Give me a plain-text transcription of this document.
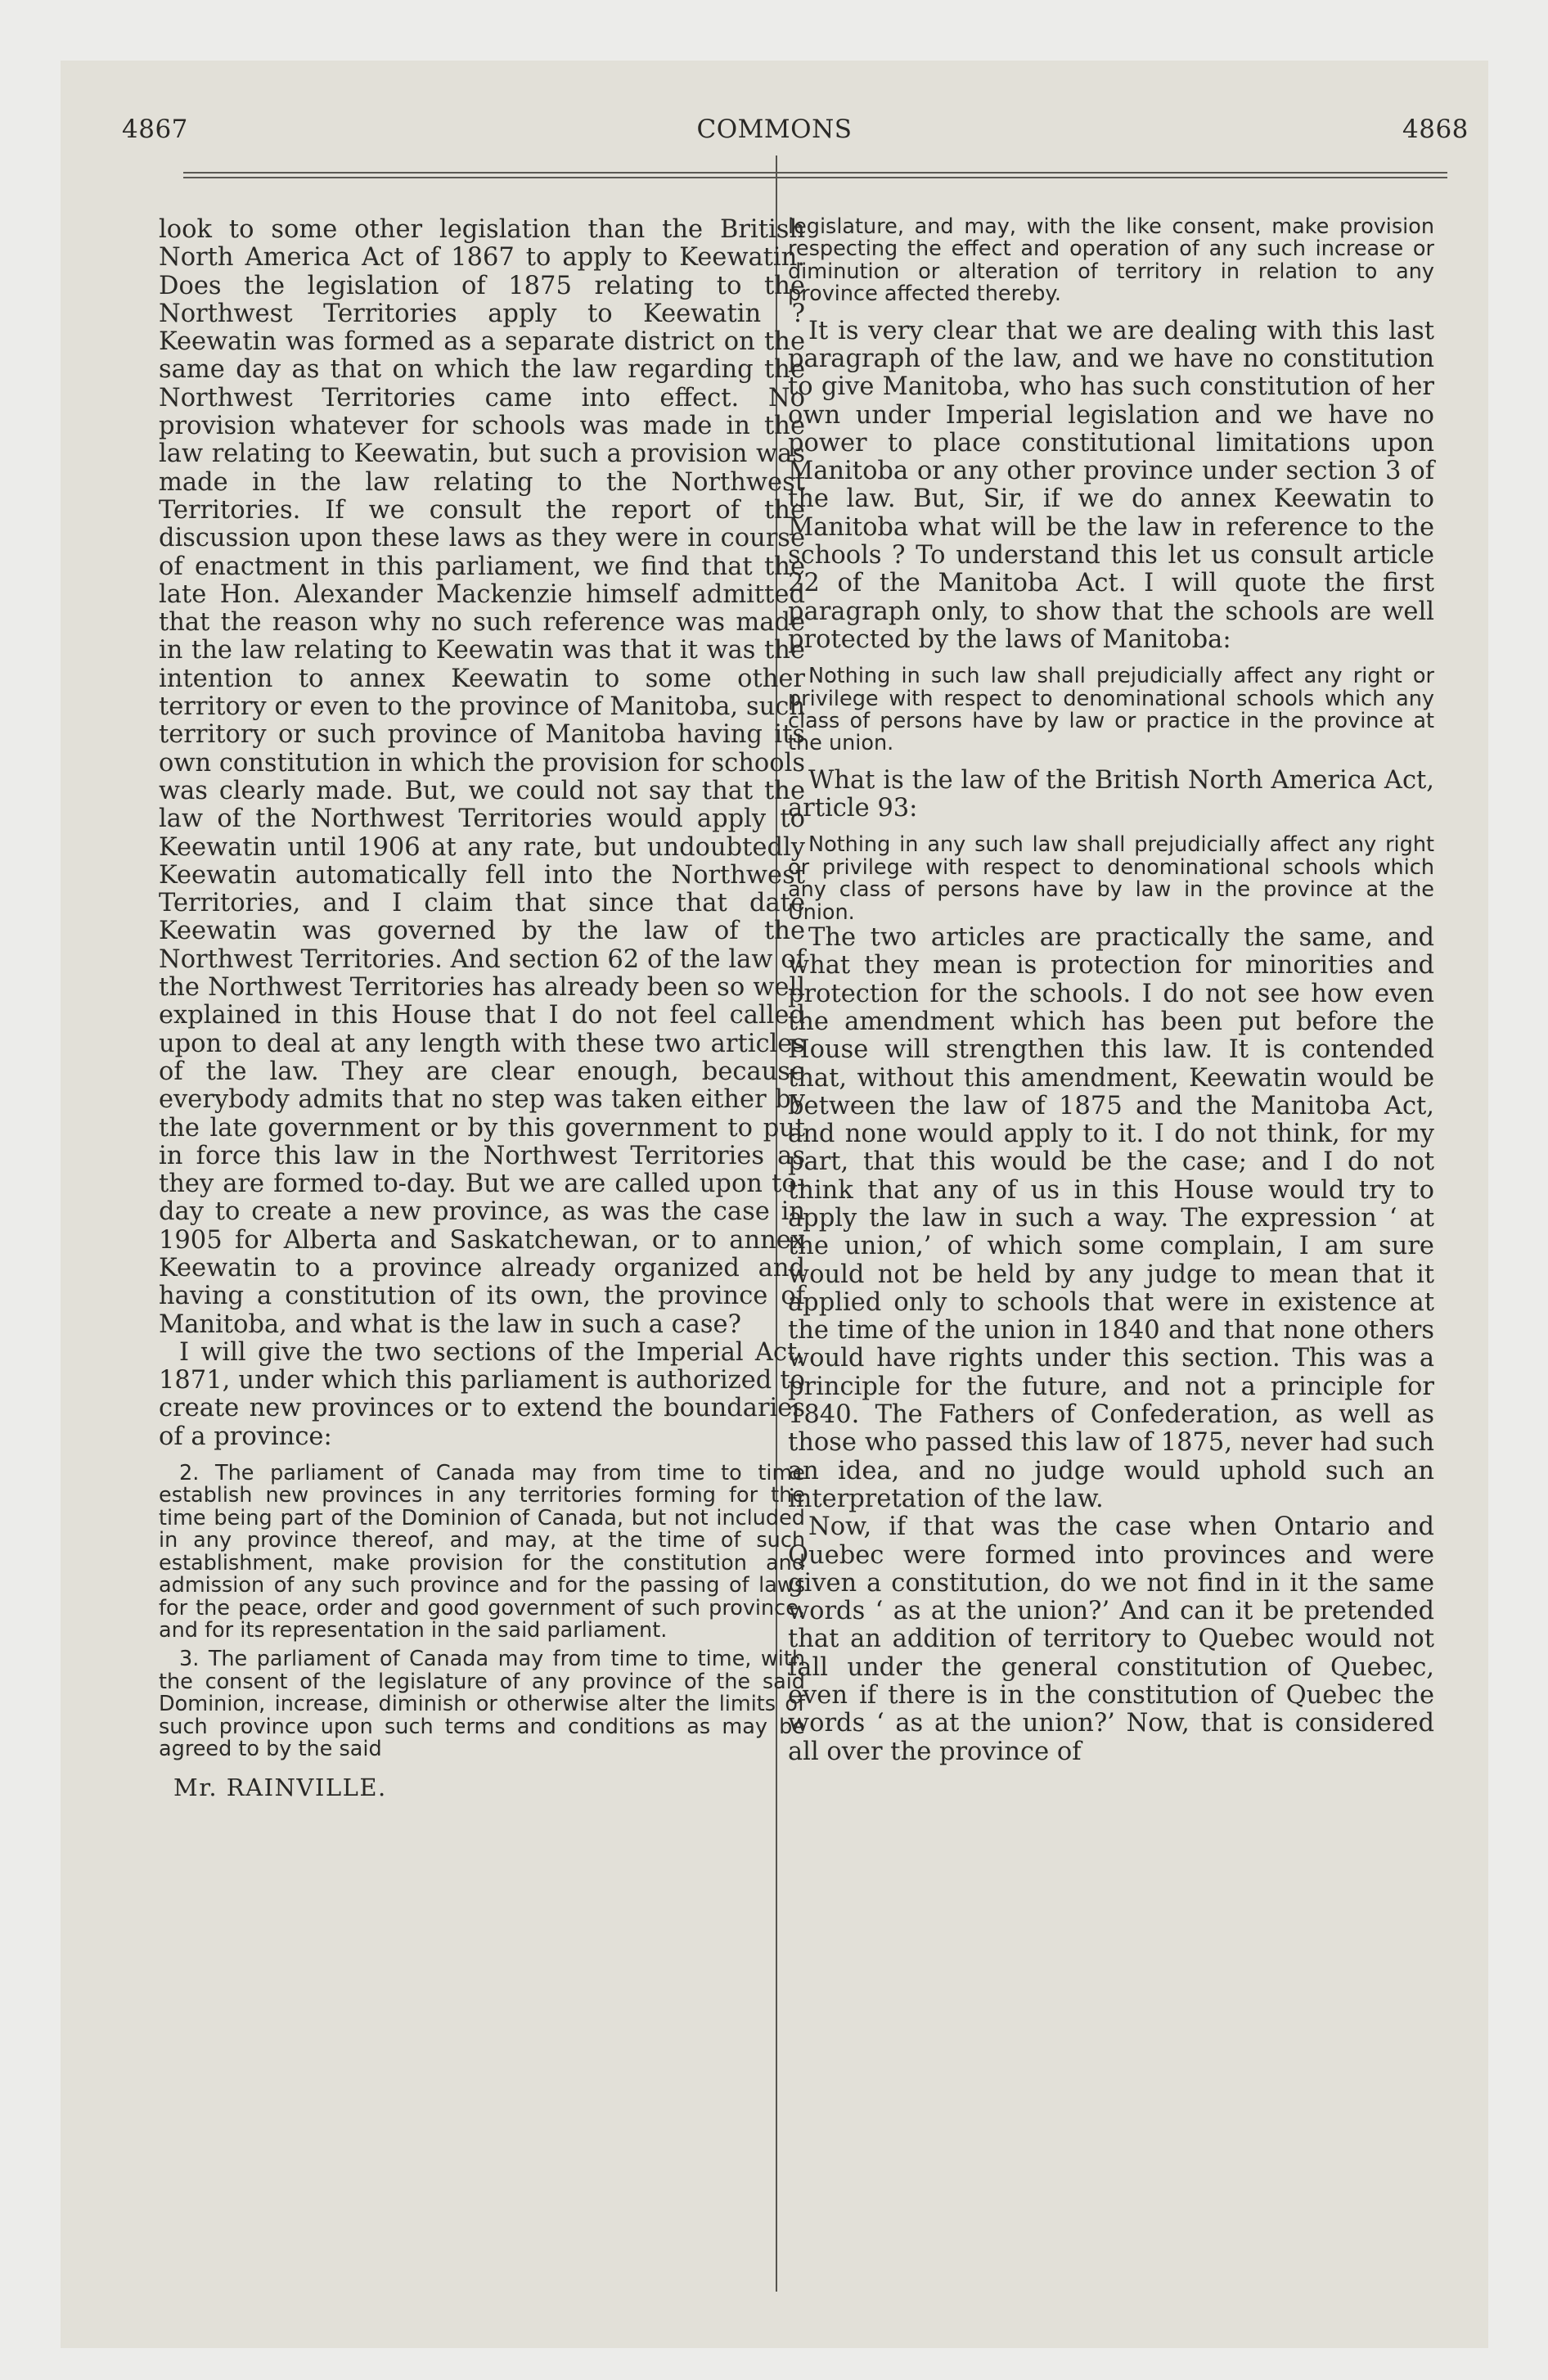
4867	COMMONS	4868

look to some other legislation than the British North America Act of 1867 to apply to Keewatin. Does the legislation of 1875 relating to the Northwest Territories apply to Keewatin ? Keewatin was formed as a separate district on the same day as that on which the law regarding the Northwest Territories came into effect. No provision whatever for schools was made in the law relating to Keewatin, but such a provision was made in the law relating to the Northwest Territories. If we consult the report of the discussion upon these laws as they were in course of enactment in this parliament, we find that the late Hon. Alexander Mackenzie himself admitted that the reason why no such reference was made in the law relating to Keewatin was that it was the intention to annex Keewatin to some other territory or even to the province of Manitoba, such territory or such province of Manitoba having its own constitution in which the provision for schools was clearly made. But, we could not say that the law of the Northwest Territories would apply to Keewatin until 1906 at any rate, but undoubtedly Keewatin automatically fell into the Northwest Territories, and I claim that since that date Keewatin was governed by the law of the Northwest Territories. And section 62 of the law of the Northwest Territories has already been so well explained in this House that I do not feel called upon to deal at any length with these two articles of the law. They are clear enough, because everybody admits that no step was taken either by the late government or by this government to put in force this law in the Northwest Territories as they are formed to-day. But we are called upon to-day to create a new province, as was the case in 1905 for Alberta and Saskatchewan, or to annex Keewatin to a province already organized and having a constitution of its own, the province of Manitoba, and what is the law in such a case?

I will give the two sections of the Imperial Act, 1871, under which this parliament is authorized to create new provinces or to extend the boundaries of a province:

2. The parliament of Canada may from time to time establish new provinces in any territories forming for the time being part of the Dominion of Canada, but not included in any province thereof, and may, at the time of such establishment, make provision for the constitution and admission of any such province and for the passing of laws for the peace, order and good government of such province, and for its representation in the said parliament.

3. The parliament of Canada may from time to time, with the consent of the legislature of any province of the said Dominion, increase, diminish or otherwise alter the limits of such province upon such terms and conditions as may be agreed to by the said

Mr. RAINVILLE.

legislature, and may, with the like consent, make provision respecting the effect and operation of any such increase or diminution or alteration of territory in relation to any province affected thereby.

It is very clear that we are dealing with this last paragraph of the law, and we have no constitution to give Manitoba, who has such constitution of her own under Imperial legislation and we have no power to place constitutional limitations upon Manitoba or any other province under section 3 of the law. But, Sir, if we do annex Keewatin to Manitoba what will be the law in reference to the schools ? To understand this let us consult article 22 of the Manitoba Act. I will quote the first paragraph only, to show that the schools are well protected by the laws of Manitoba:

Nothing in such law shall prejudicially affect any right or privilege with respect to denominational schools which any class of persons have by law or practice in the province at the union.

What is the law of the British North America Act, article 93:

Nothing in any such law shall prejudicially affect any right or privilege with respect to denominational schools which any class of persons have by law in the province at the Union.

The two articles are practically the same, and what they mean is protection for minorities and protection for the schools. I do not see how even the amendment which has been put before the House will strengthen this law. It is contended that, without this amendment, Keewatin would be between the law of 1875 and the Manitoba Act, and none would apply to it. I do not think, for my part, that this would be the case; and I do not think that any of us in this House would try to apply the law in such a way. The expression ‘ at the union,’ of which some complain, I am sure would not be held by any judge to mean that it applied only to schools that were in existence at the time of the union in 1840 and that none others would have rights under this section. This was a principle for the future, and not a principle for 1840. The Fathers of Confederation, as well as those who passed this law of 1875, never had such an idea, and no judge would uphold such an interpretation of the law.

Now, if that was the case when Ontario and Quebec were formed into provinces and were given a constitution, do we not find in it the same words ‘ as at the union?’ And can it be pretended that an addition of territory to Quebec would not fall under the general constitution of Quebec, even if there is in the constitution of Quebec the words ‘ as at the union?’ Now, that is considered all over the province of
